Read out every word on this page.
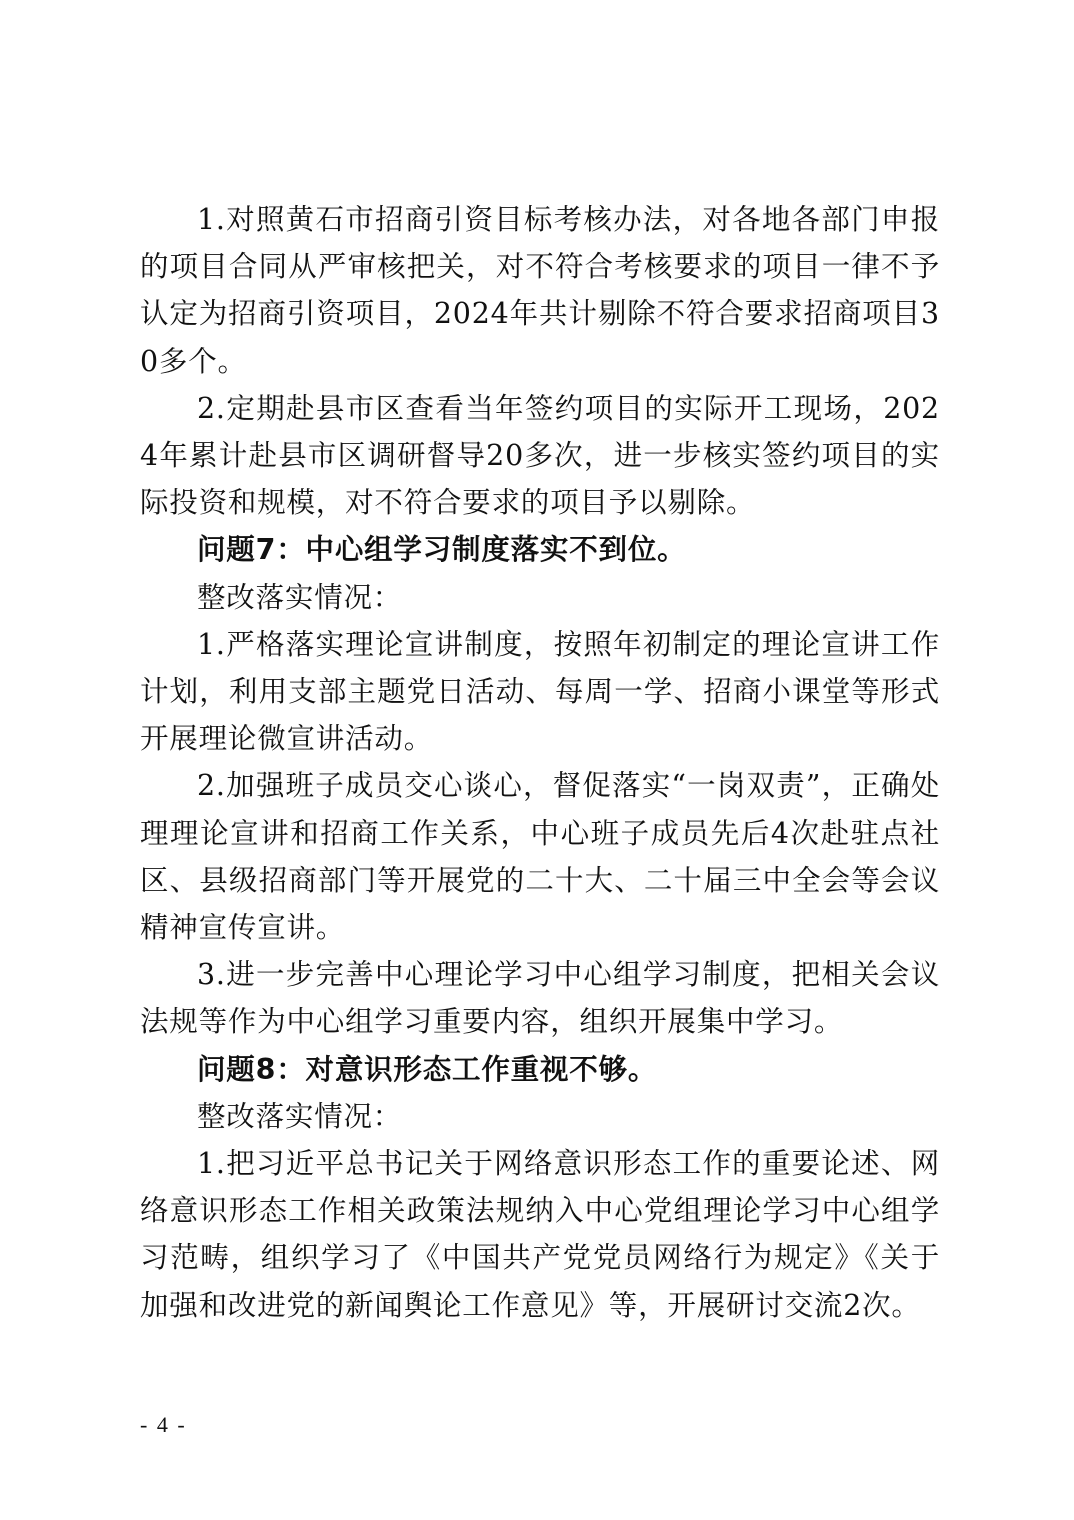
1.对照黄石市招商引资目标考核办法，对各地各部门申报的项目合同从严审核把关，对不符合考核要求的项目一律不予认定为招商引资项目，2024年共计剔除不符合要求招商项目30多个。

2.定期赴县市区查看当年签约项目的实际开工现场，2024年累计赴县市区调研督导20多次，进一步核实签约项目的实际投资和规模，对不符合要求的项目予以剔除。

问题7：中心组学习制度落实不到位。

整改落实情况：

1.严格落实理论宣讲制度，按照年初制定的理论宣讲工作计划，利用支部主题党日活动、每周一学、招商小课堂等形式开展理论微宣讲活动。

2.加强班子成员交心谈心，督促落实“一岗双责”，正确处理理论宣讲和招商工作关系，中心班子成员先后4次赴驻点社区、县级招商部门等开展党的二十大、二十届三中全会等会议精神宣传宣讲。

3.进一步完善中心理论学习中心组学习制度，把相关会议法规等作为中心组学习重要内容，组织开展集中学习。

问题8：对意识形态工作重视不够。

整改落实情况：

1.把习近平总书记关于网络意识形态工作的重要论述、网络意识形态工作相关政策法规纳入中心党组理论学习中心组学习范畴，组织学习了《中国共产党党员网络行为规定》《关于加强和改进党的新闻舆论工作意见》等，开展研讨交流2次。

- 4 -
